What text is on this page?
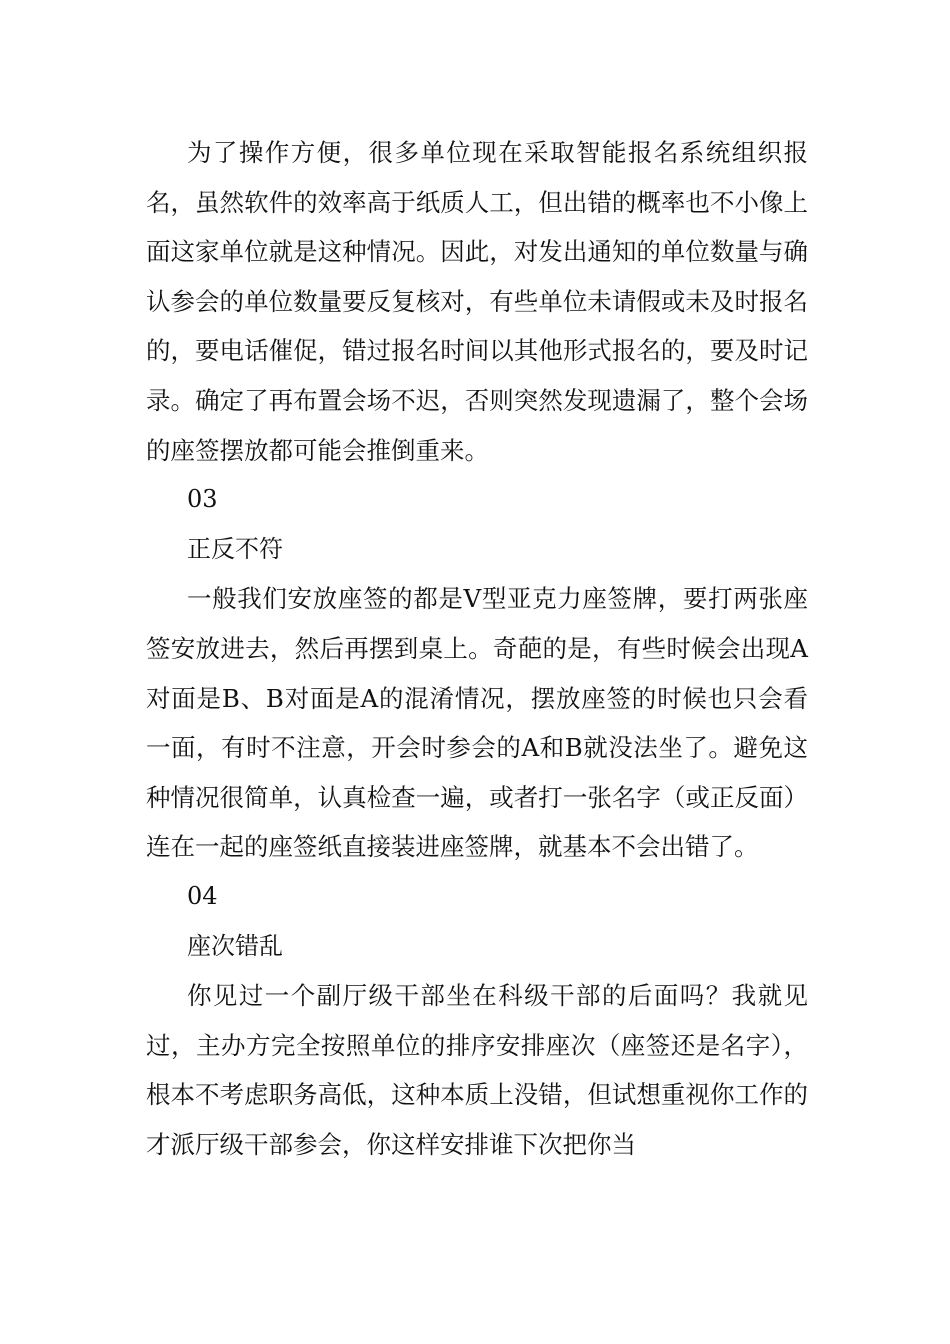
为了操作方便，很多单位现在采取智能报名系统组织报名，虽然软件的效率高于纸质人工，但出错的概率也不小像上面这家单位就是这种情况。因此，对发出通知的单位数量与确认参会的单位数量要反复核对，有些单位未请假或未及时报名的，要电话催促，错过报名时间以其他形式报名的，要及时记录。确定了再布置会场不迟，否则突然发现遗漏了，整个会场的座签摆放都可能会推倒重来。

03

正反不符

一般我们安放座签的都是V型亚克力座签牌，要打两张座签安放进去，然后再摆到桌上。奇葩的是，有些时候会出现A对面是B、B对面是A的混淆情况，摆放座签的时候也只会看一面，有时不注意，开会时参会的A和B就没法坐了。避免这种情况很简单，认真检查一遍，或者打一张名字（或正反面）连在一起的座签纸直接装进座签牌，就基本不会出错了。

04

座次错乱

你见过一个副厅级干部坐在科级干部的后面吗？我就见过，主办方完全按照单位的排序安排座次（座签还是名字），根本不考虑职务高低，这种本质上没错，但试想重视你工作的才派厅级干部参会，你这样安排谁下次把你当
